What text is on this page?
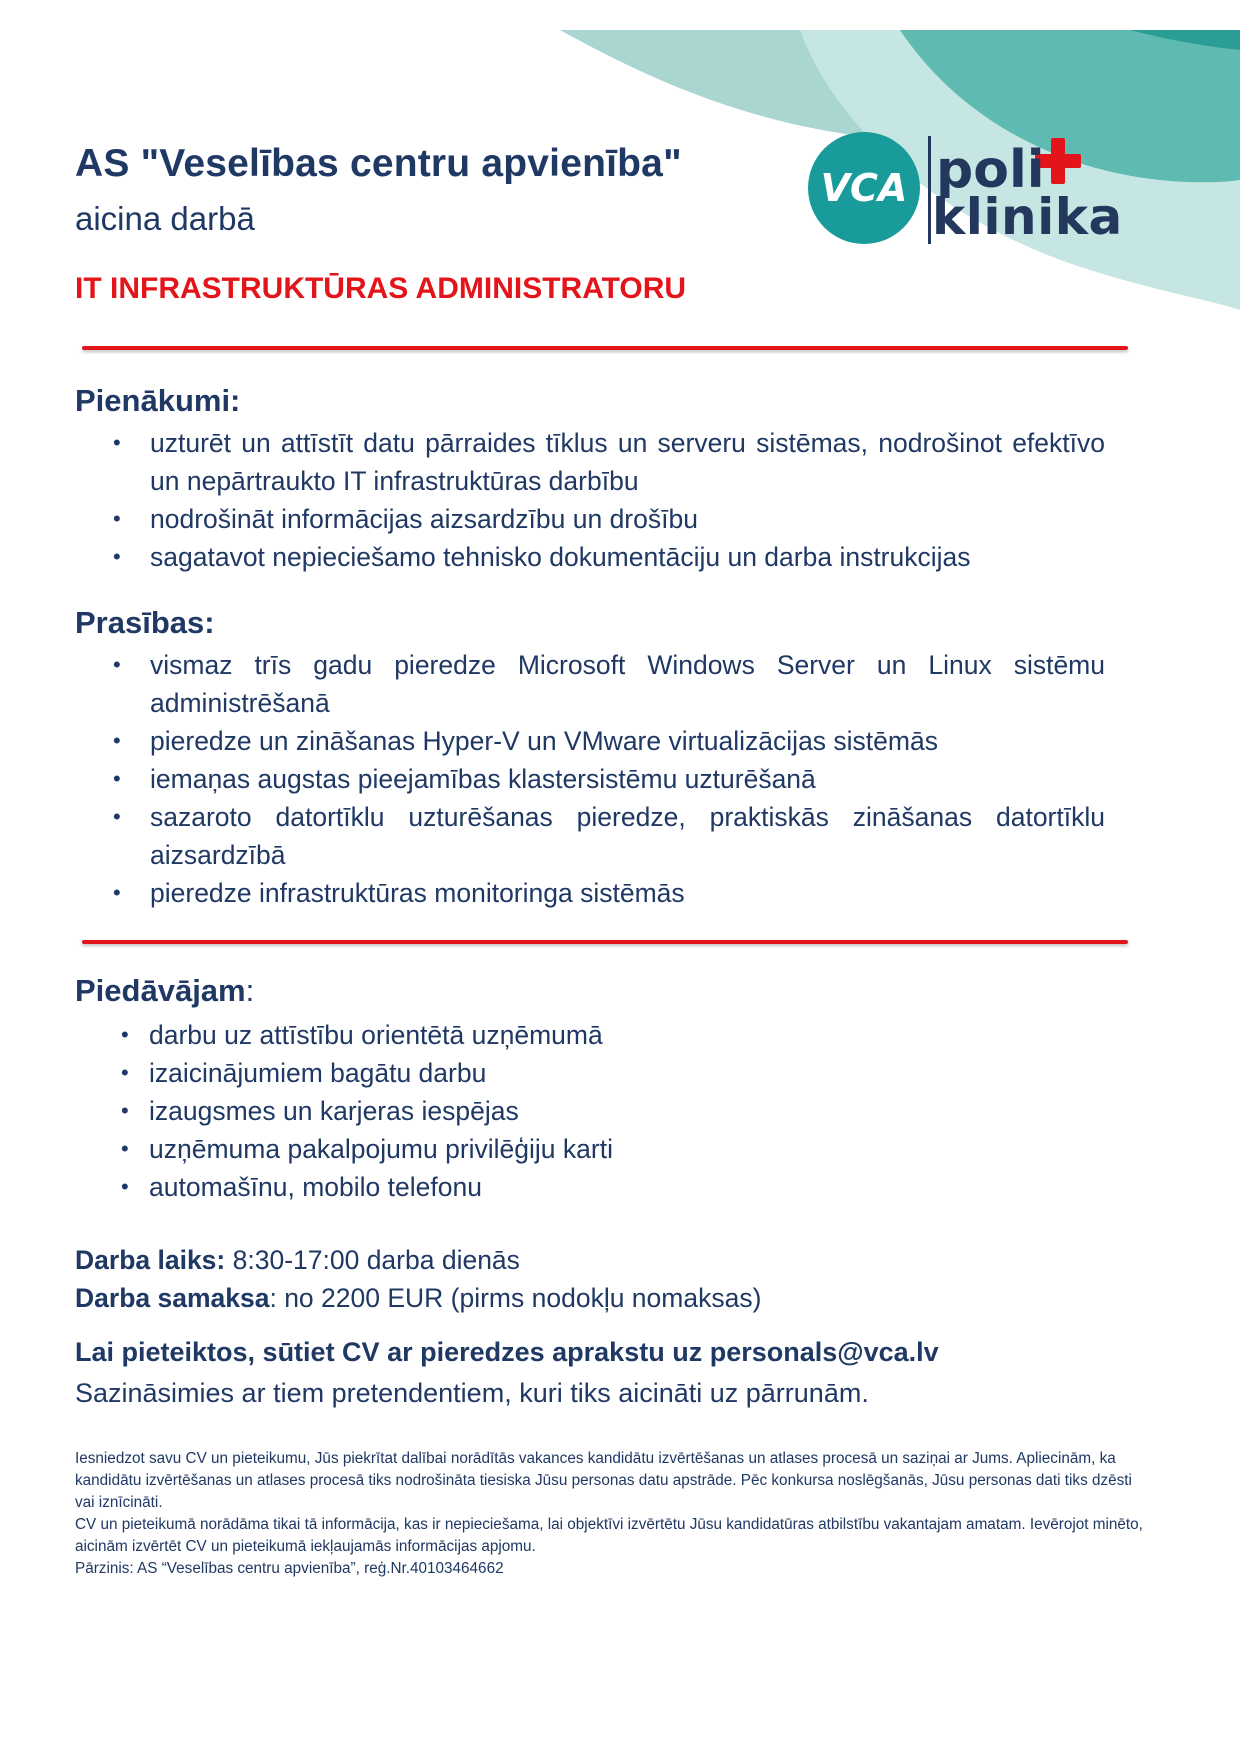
AS "Veselības centru apvienība"
aicina darbā
IT INFRASTRUKTŪRAS ADMINISTRATORU
VCA poli
klinika
Pienākumi:
• uzturēt un attīstīt datu pārraides tīklus un serveru sistēmas, nodrošinot efektīvo un nepārtraukto IT infrastruktūras darbību
• nodrošināt informācijas aizsardzību un drošību
• sagatavot nepieciešamo tehnisko dokumentāciju un darba instrukcijas
Prasības:
• vismaz trīs gadu pieredze Microsoft Windows Server un Linux sistēmu administrēšanā
• pieredze un zināšanas Hyper-V un VMware virtualizācijas sistēmās
• iemaņas augstas pieejamības klastersistēmu uzturēšanā
• sazaroto datortīklu uzturēšanas pieredze, praktiskās zināšanas datortīklu aizsardzībā
• pieredze infrastruktūras monitoringa sistēmās
Piedāvājam:
• darbu uz attīstību orientētā uzņēmumā
• izaicinājumiem bagātu darbu
• izaugsmes un karjeras iespējas
• uzņēmuma pakalpojumu privilēģiju karti
• automašīnu, mobilo telefonu
Darba laiks: 8:30-17:00 darba dienās
Darba samaksa: no 2200 EUR (pirms nodokļu nomaksas)
Lai pieteiktos, sūtiet CV ar pieredzes aprakstu uz personals@vca.lv
Sazināsimies ar tiem pretendentiem, kuri tiks aicināti uz pārrunām.

Iesniedzot savu CV un pieteikumu, Jūs piekrītat dalībai norādītās vakances kandidātu izvērtēšanas un atlases procesā un saziņai ar Jums. Apliecinām, ka kandidātu izvērtēšanas un atlases procesā tiks nodrošināta tiesiska Jūsu personas datu apstrāde. Pēc konkursa noslēgšanās, Jūsu personas dati tiks dzēsti vai iznīcināti.

CV un pieteikumā norādāma tikai tā informācija, kas ir nepieciešama, lai objektīvi izvērtētu Jūsu kandidatūras atbilstību vakantajam amatam. Ievērojot minēto, aicinām izvērtēt CV un pieteikumā iekļaujamās informācijas apjomu.

Pārzinis: AS “Veselības centru apvienība”, reģ.Nr.40103464662
